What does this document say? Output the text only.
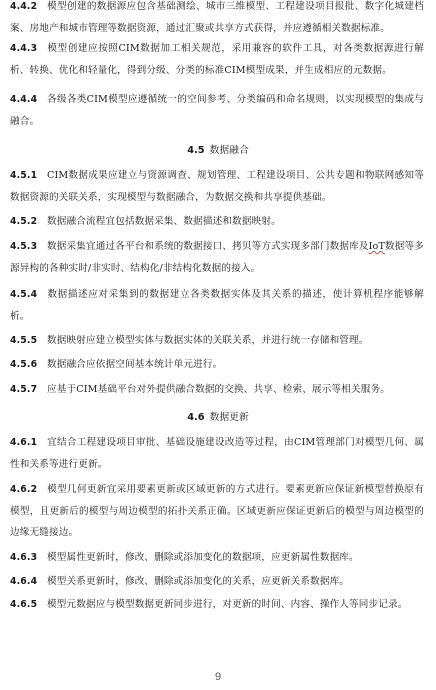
4.4.2 模型创建的数据源应包含基础测绘、城市三维模型、工程建设项目报批、数字化城建档案、房地产和城市管理等数据资源，通过汇聚或共享方式获得，并应遵循相关数据标准。
4.4.3 模型创建应按照CIM数据加工相关规范，采用兼容的软件工具，对各类数据源进行解析、转换、优化和轻量化，得到分级、分类的标准CIM模型成果，并生成相应的元数据。
4.4.4 各级各类CIM模型应遵循统一的空间参考、分类编码和命名规则，以实现模型的集成与融合。
4.5 数据融合
4.5.1 CIM数据成果应建立与资源调查、规划管理、工程建设项目、公共专题和物联网感知等数据资源的关联关系，实现模型与数据融合，为数据交换和共享提供基础。
4.5.2 数据融合流程宜包括数据采集、数据描述和数据映射。
4.5.3 数据采集宜通过各平台和系统的数据接口、拷贝等方式实现多部门数据库及IoT数据等多源异构的各种实时/非实时、结构化/非结构化数据的接入。
4.5.4 数据描述应对采集到的数据建立各类数据实体及其关系的描述，使计算机程序能够解析。
4.5.5 数据映射应建立模型实体与数据实体的关联关系，并进行统一存储和管理。
4.5.6 数据融合应依据空间基本统计单元进行。
4.5.7 应基于CIM基础平台对外提供融合数据的交换、共享、检索、展示等相关服务。
4.6 数据更新
4.6.1 宜结合工程建设项目审批、基础设施建设改造等过程，由CIM管理部门对模型几何、属性和关系等进行更新。
4.6.2 模型几何更新宜采用要素更新或区域更新的方式进行。要素更新应保证新模型替换原有模型，且更新后的模型与周边模型的拓扑关系正确。区域更新应保证更新后的模型与周边模型的边缘无缝接边。
4.6.3 模型属性更新时，修改、删除或添加变化的数据项，应更新属性数据库。
4.6.4 模型关系更新时，修改、删除或添加变化的关系，应更新关系数据库。
4.6.5 模型元数据应与模型数据更新同步进行，对更新的时间、内容、操作人等同步记录。
9
